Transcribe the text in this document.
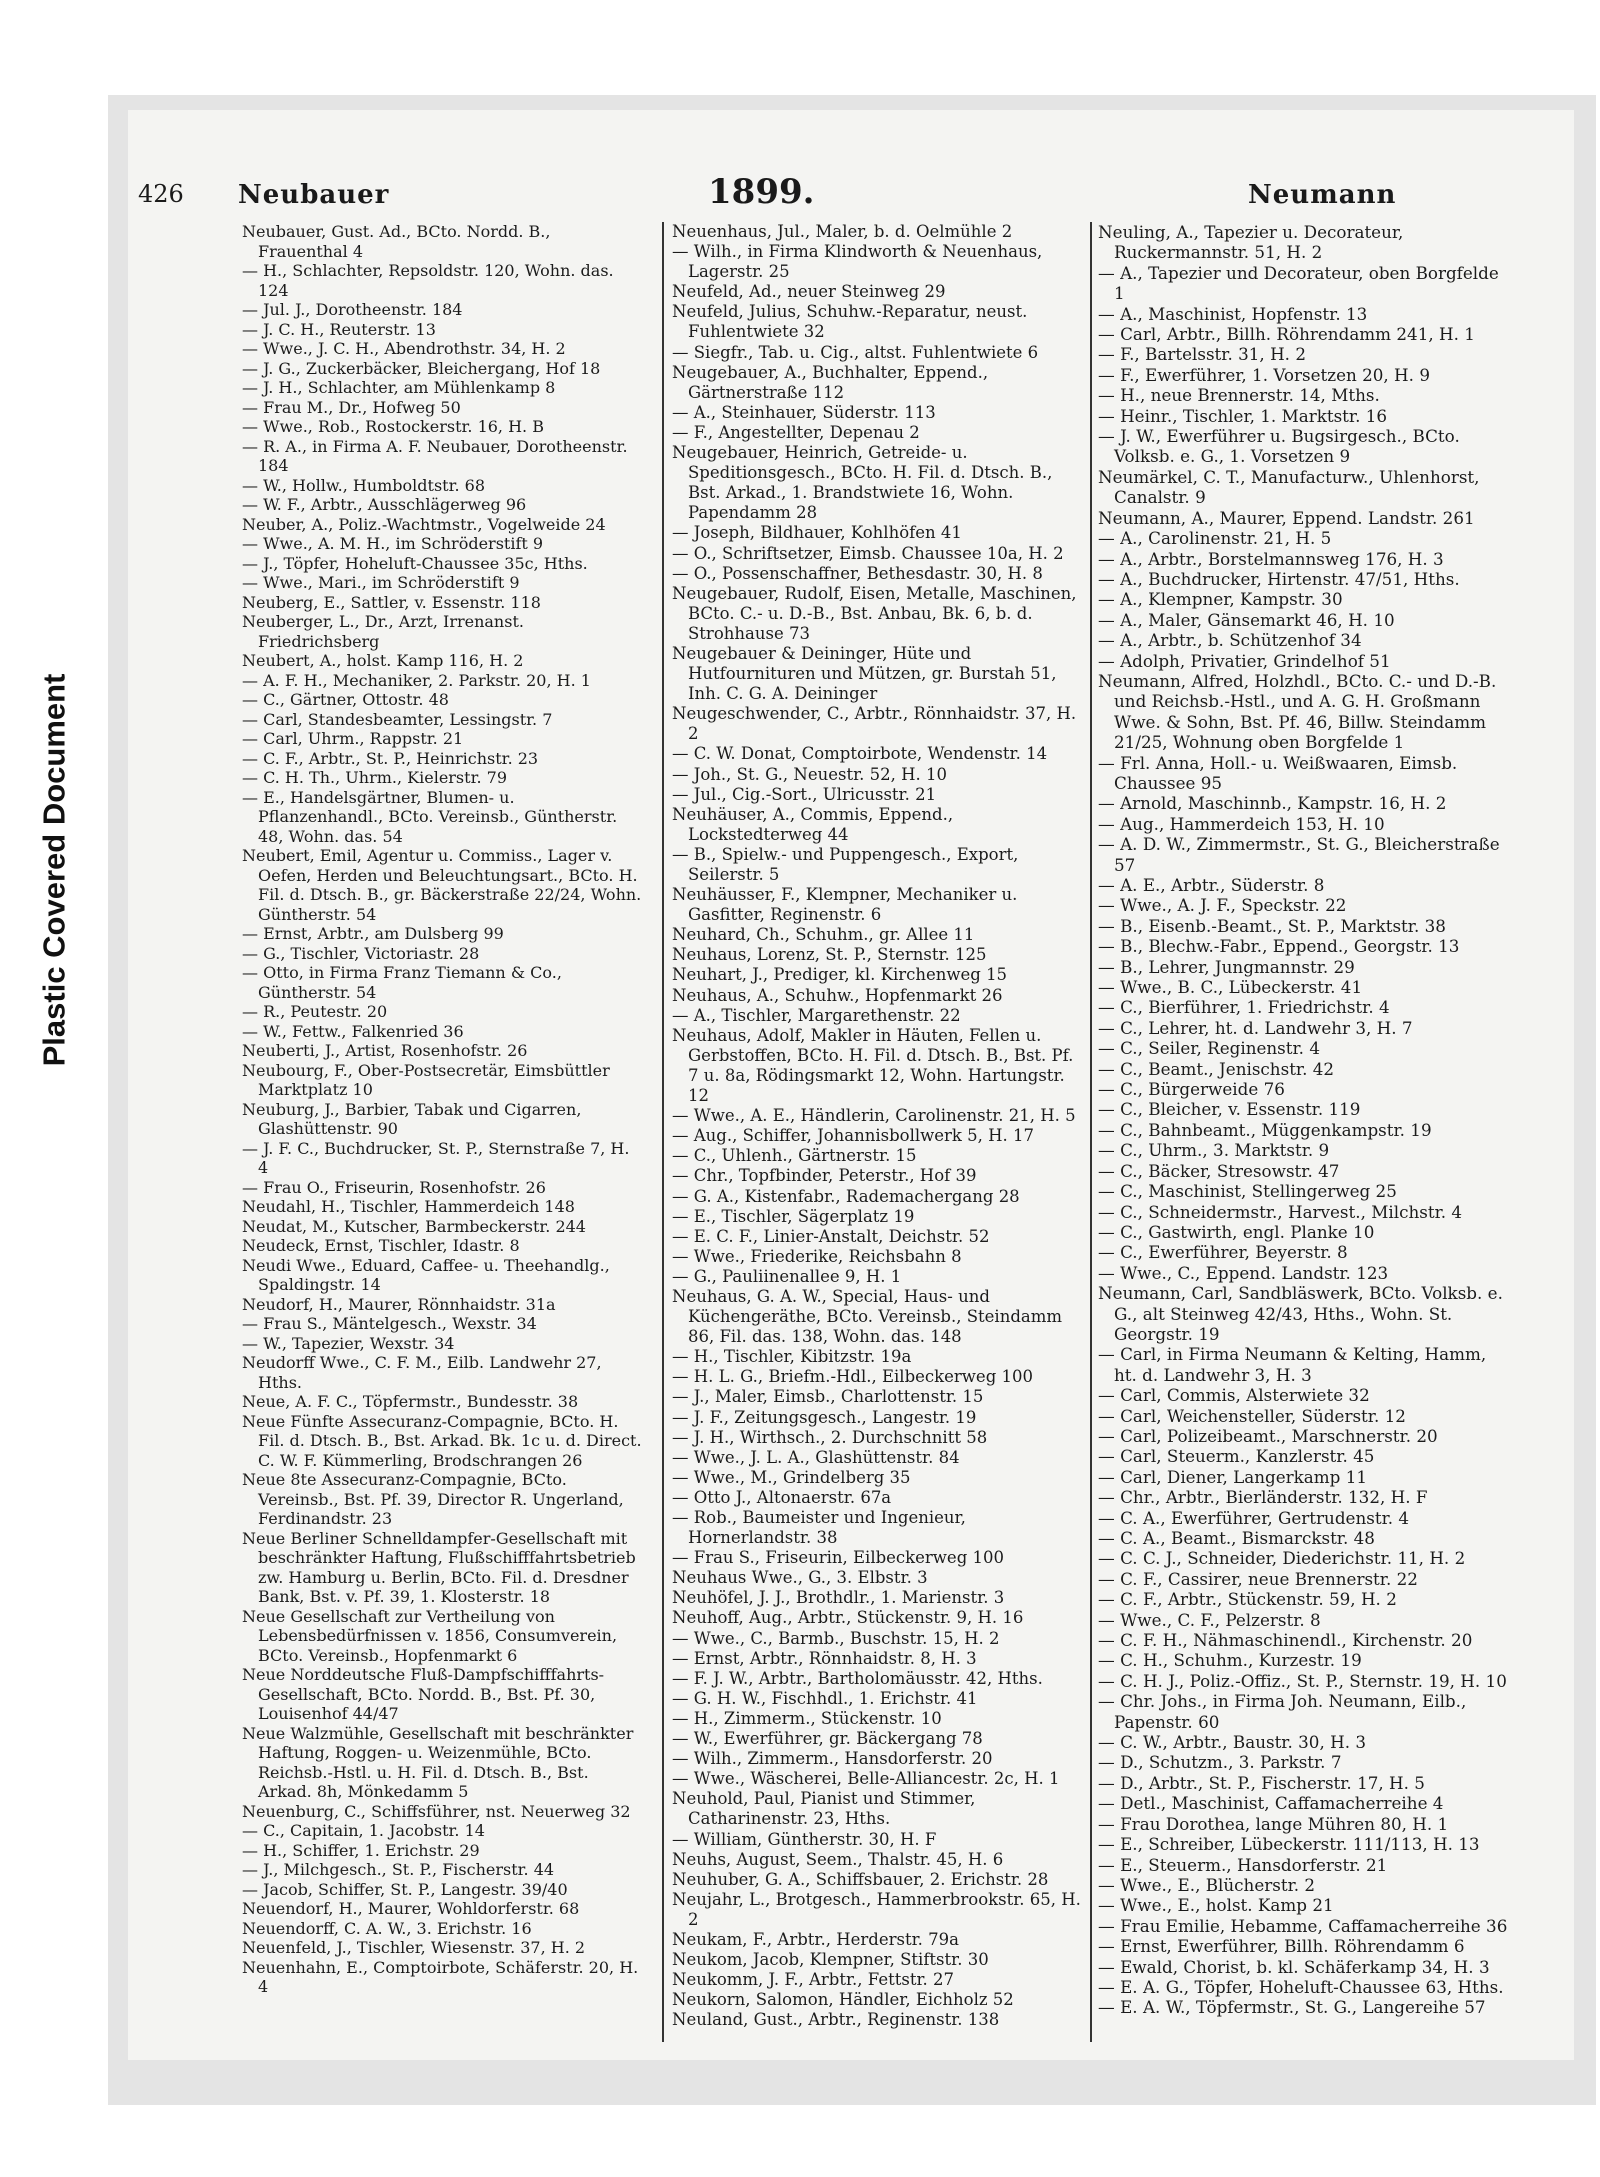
Plastic Covered Document
426 Neubauer	1899.	Neumann
Neubauer, Gust. Ad., BCto. Nordd. B., Frauenthal 4
— H., Schlachter, Repsoldstr. 120, Wohn. das. 124
— Jul. J., Dorotheenstr. 184
— J. C. H., Reuterstr. 13
— Wwe., J. C. H., Abendrothstr. 34, H. 2
— J. G., Zuckerbäcker, Bleichergang, Hof 18
— J. H., Schlachter, am Mühlenkamp 8
— Frau M., Dr., Hofweg 50
— Wwe., Rob., Rostockerstr. 16, H. B
— R. A., in Firma A. F. Neubauer, Dorotheenstr. 184
— W., Hollw., Humboldtstr. 68
— W. F., Arbtr., Ausschlägerweg 96
Neuber, A., Poliz.-Wachtmstr., Vogelweide 24
— Wwe., A. M. H., im Schröderstift 9
— J., Töpfer, Hoheluft-Chaussee 35c, Hths.
— Wwe., Mari., im Schröderstift 9
Neuberg, E., Sattler, v. Essenstr. 118
Neuberger, L., Dr., Arzt, Irrenanst. Friedrichsberg
Neubert, A., holst. Kamp 116, H. 2
— A. F. H., Mechaniker, 2. Parkstr. 20, H. 1
— C., Gärtner, Ottostr. 48
— Carl, Standesbeamter, Lessingstr. 7
— Carl, Uhrm., Rappstr. 21
— C. F., Arbtr., St. P., Heinrichstr. 23
— C. H. Th., Uhrm., Kielerstr. 79
— E., Handelsgärtner, Blumen- u. Pflanzenhandl., BCto. Vereinsb., Güntherstr. 48, Wohn. das. 54
Neubert, Emil, Agentur u. Commiss., Lager v. Oefen, Herden und Beleuchtungsart., BCto. H. Fil. d. Dtsch. B., gr. Bäckerstraße 22/24, Wohn. Güntherstr. 54
— Ernst, Arbtr., am Dulsberg 99
— G., Tischler, Victoriastr. 28
— Otto, in Firma Franz Tiemann & Co., Güntherstr. 54
— R., Peutestr. 20
— W., Fettw., Falkenried 36
Neuberti, J., Artist, Rosenhofstr. 26
Neubourg, F., Ober-Postsecretär, Eimsbüttler Marktplatz 10
Neuburg, J., Barbier, Tabak und Cigarren, Glashüttenstr. 90
— J. F. C., Buchdrucker, St. P., Sternstraße 7, H. 4
— Frau O., Friseurin, Rosenhofstr. 26
Neudahl, H., Tischler, Hammerdeich 148
Neudat, M., Kutscher, Barmbeckerstr. 244
Neudeck, Ernst, Tischler, Idastr. 8
Neudi Wwe., Eduard, Caffee- u. Theehandlg., Spaldingstr. 14
Neudorf, H., Maurer, Rönnhaidstr. 31a
— Frau S., Mäntelgesch., Wexstr. 34
— W., Tapezier, Wexstr. 34
Neudorff Wwe., C. F. M., Eilb. Landwehr 27, Hths.
Neue, A. F. C., Töpfermstr., Bundesstr. 38
Neue Fünfte Assecuranz-Compagnie, BCto. H. Fil. d. Dtsch. B., Bst. Arkad. Bk. 1c u. d. Direct. C. W. F. Kümmerling, Brodschrangen 26
Neue 8te Assecuranz-Compagnie, BCto. Vereinsb., Bst. Pf. 39, Director R. Ungerland, Ferdinandstr. 23
Neue Berliner Schnelldampfer-Gesellschaft mit beschränkter Haftung, Flußschifffahrtsbetrieb zw. Hamburg u. Berlin, BCto. Fil. d. Dresdner Bank, Bst. v. Pf. 39, 1. Klosterstr. 18
Neue Gesellschaft zur Vertheilung von Lebensbedürfnissen v. 1856, Consumverein, BCto. Vereinsb., Hopfenmarkt 6
Neue Norddeutsche Fluß-Dampfschifffahrts-Gesellschaft, BCto. Nordd. B., Bst. Pf. 30, Louisenhof 44/47
Neue Walzmühle, Gesellschaft mit beschränkter Haftung, Roggen- u. Weizenmühle, BCto. Reichsb.-Hstl. u. H. Fil. d. Dtsch. B., Bst. Arkad. 8h, Mönkedamm 5
Neuenburg, C., Schiffsführer, nst. Neuerweg 32
— C., Capitain, 1. Jacobstr. 14
— H., Schiffer, 1. Erichstr. 29
— J., Milchgesch., St. P., Fischerstr. 44
— Jacob, Schiffer, St. P., Langestr. 39/40
Neuendorf, H., Maurer, Wohldorferstr. 68
Neuendorff, C. A. W., 3. Erichstr. 16
Neuenfeld, J., Tischler, Wiesenstr. 37, H. 2
Neuenhahn, E., Comptoirbote, Schäferstr. 20, H. 4
Neuenhaus, Jul., Maler, b. d. Oelmühle 2
— Wilh., in Firma Klindworth & Neuenhaus, Lagerstr. 25
Neufeld, Ad., neuer Steinweg 29
Neufeld, Julius, Schuhw.-Reparatur, neust. Fuhlentwiete 32
— Siegfr., Tab. u. Cig., altst. Fuhlentwiete 6
Neugebauer, A., Buchhalter, Eppend., Gärtnerstraße 112
— A., Steinhauer, Süderstr. 113
— F., Angestellter, Depenau 2
Neugebauer, Heinrich, Getreide- u. Speditionsgesch., BCto. H. Fil. d. Dtsch. B., Bst. Arkad., 1. Brandstwiete 16, Wohn. Papendamm 28
— Joseph, Bildhauer, Kohlhöfen 41
— O., Schriftsetzer, Eimsb. Chaussee 10a, H. 2
— O., Possenschaffner, Bethesdastr. 30, H. 8
Neugebauer, Rudolf, Eisen, Metalle, Maschinen, BCto. C.- u. D.-B., Bst. Anbau, Bk. 6, b. d. Strohhause 73
Neugebauer & Deininger, Hüte und Hutfournituren und Mützen, gr. Burstah 51, Inh. C. G. A. Deininger
Neugeschwender, C., Arbtr., Rönnhaidstr. 37, H. 2
— C. W. Donat, Comptoirbote, Wendenstr. 14
— Joh., St. G., Neuestr. 52, H. 10
— Jul., Cig.-Sort., Ulricusstr. 21
Neuhäuser, A., Commis, Eppend., Lockstedterweg 44
— B., Spielw.- und Puppengesch., Export, Seilerstr. 5
Neuhäusser, F., Klempner, Mechaniker u. Gasfitter, Reginenstr. 6
Neuhard, Ch., Schuhm., gr. Allee 11
Neuhaus, Lorenz, St. P., Sternstr. 125
Neuhart, J., Prediger, kl. Kirchenweg 15
Neuhaus, A., Schuhw., Hopfenmarkt 26
— A., Tischler, Margarethenstr. 22
Neuhaus, Adolf, Makler in Häuten, Fellen u. Gerbstoffen, BCto. H. Fil. d. Dtsch. B., Bst. Pf. 7 u. 8a, Rödingsmarkt 12, Wohn. Hartungstr. 12
— Wwe., A. E., Händlerin, Carolinenstr. 21, H. 5
— Aug., Schiffer, Johannisbollwerk 5, H. 17
— C., Uhlenh., Gärtnerstr. 15
— Chr., Topfbinder, Peterstr., Hof 39
— G. A., Kistenfabr., Rademachergang 28
— E., Tischler, Sägerplatz 19
— E. C. F., Linier-Anstalt, Deichstr. 52
— Wwe., Friederike, Reichsbahn 8
— G., Pauliinenallee 9, H. 1
Neuhaus, G. A. W., Special, Haus- und Küchengeräthe, BCto. Vereinsb., Steindamm 86, Fil. das. 138, Wohn. das. 148
— H., Tischler, Kibitzstr. 19a
— H. L. G., Briefm.-Hdl., Eilbeckerweg 100
— J., Maler, Eimsb., Charlottenstr. 15
— J. F., Zeitungsgesch., Langestr. 19
— J. H., Wirthsch., 2. Durchschnitt 58
— Wwe., J. L. A., Glashüttenstr. 84
— Wwe., M., Grindelberg 35
— Otto J., Altonaerstr. 67a
— Rob., Baumeister und Ingenieur, Hornerlandstr. 38
— Frau S., Friseurin, Eilbeckerweg 100
Neuhaus Wwe., G., 3. Elbstr. 3
Neuhöfel, J. J., Brothdlr., 1. Marienstr. 3
Neuhoff, Aug., Arbtr., Stückenstr. 9, H. 16
— Wwe., C., Barmb., Buschstr. 15, H. 2
— Ernst, Arbtr., Rönnhaidstr. 8, H. 3
— F. J. W., Arbtr., Bartholomäusstr. 42, Hths.
— G. H. W., Fischhdl., 1. Erichstr. 41
— H., Zimmerm., Stückenstr. 10
— W., Ewerführer, gr. Bäckergang 78
— Wilh., Zimmerm., Hansdorferstr. 20
— Wwe., Wäscherei, Belle-Alliancestr. 2c, H. 1
Neuhold, Paul, Pianist und Stimmer, Catharinenstr. 23, Hths.
— William, Güntherstr. 30, H. F
Neuhs, August, Seem., Thalstr. 45, H. 6
Neuhuber, G. A., Schiffsbauer, 2. Erichstr. 28
Neujahr, L., Brotgesch., Hammerbrookstr. 65, H. 2
Neukam, F., Arbtr., Herderstr. 79a
Neukom, Jacob, Klempner, Stiftstr. 30
Neukomm, J. F., Arbtr., Fettstr. 27
Neukorn, Salomon, Händler, Eichholz 52
Neuland, Gust., Arbtr., Reginenstr. 138
Neuling, A., Tapezier u. Decorateur, Ruckermannstr. 51, H. 2
— A., Tapezier und Decorateur, oben Borgfelde 1
— A., Maschinist, Hopfenstr. 13
— Carl, Arbtr., Billh. Röhrendamm 241, H. 1
— F., Bartelsstr. 31, H. 2
— F., Ewerführer, 1. Vorsetzen 20, H. 9
— H., neue Brennerstr. 14, Mths.
— Heinr., Tischler, 1. Marktstr. 16
— J. W., Ewerführer u. Bugsirgesch., BCto. Volksb. e. G., 1. Vorsetzen 9
Neumärkel, C. T., Manufacturw., Uhlenhorst, Canalstr. 9
Neumann, A., Maurer, Eppend. Landstr. 261
— A., Carolinenstr. 21, H. 5
— A., Arbtr., Borstelmannsweg 176, H. 3
— A., Buchdrucker, Hirtenstr. 47/51, Hths.
— A., Klempner, Kampstr. 30
— A., Maler, Gänsemarkt 46, H. 10
— A., Arbtr., b. Schützenhof 34
— Adolph, Privatier, Grindelhof 51
Neumann, Alfred, Holzhdl., BCto. C.- und D.-B. und Reichsb.-Hstl., und A. G. H. Großmann Wwe. & Sohn, Bst. Pf. 46, Billw. Steindamm 21/25, Wohnung oben Borgfelde 1
— Frl. Anna, Holl.- u. Weißwaaren, Eimsb. Chaussee 95
— Arnold, Maschinnb., Kampstr. 16, H. 2
— Aug., Hammerdeich 153, H. 10
— A. D. W., Zimmermstr., St. G., Bleicherstraße 57
— A. E., Arbtr., Süderstr. 8
— Wwe., A. J. F., Speckstr. 22
— B., Eisenb.-Beamt., St. P., Marktstr. 38
— B., Blechw.-Fabr., Eppend., Georgstr. 13
— B., Lehrer, Jungmannstr. 29
— Wwe., B. C., Lübeckerstr. 41
— C., Bierführer, 1. Friedrichstr. 4
— C., Lehrer, ht. d. Landwehr 3, H. 7
— C., Seiler, Reginenstr. 4
— C., Beamt., Jenischstr. 42
— C., Bürgerweide 76
— C., Bleicher, v. Essenstr. 119
— C., Bahnbeamt., Müggenkampstr. 19
— C., Uhrm., 3. Marktstr. 9
— C., Bäcker, Stresowstr. 47
— C., Maschinist, Stellingerweg 25
— C., Schneidermstr., Harvest., Milchstr. 4
— C., Gastwirth, engl. Planke 10
— C., Ewerführer, Beyerstr. 8
— Wwe., C., Eppend. Landstr. 123
Neumann, Carl, Sandbläswerk, BCto. Volksb. e. G., alt Steinweg 42/43, Hths., Wohn. St. Georgstr. 19
— Carl, in Firma Neumann & Kelting, Hamm, ht. d. Landwehr 3, H. 3
— Carl, Commis, Alsterwiete 32
— Carl, Weichensteller, Süderstr. 12
— Carl, Polizeibeamt., Marschnerstr. 20
— Carl, Steuerm., Kanzlerstr. 45
— Carl, Diener, Langerkamp 11
— Chr., Arbtr., Bierländerstr. 132, H. F
— C. A., Ewerführer, Gertrudenstr. 4
— C. A., Beamt., Bismarckstr. 48
— C. C. J., Schneider, Diederichstr. 11, H. 2
— C. F., Cassirer, neue Brennerstr. 22
— C. F., Arbtr., Stückenstr. 59, H. 2
— Wwe., C. F., Pelzerstr. 8
— C. F. H., Nähmaschinendl., Kirchenstr. 20
— C. H., Schuhm., Kurzestr. 19
— C. H. J., Poliz.-Offiz., St. P., Sternstr. 19, H. 10
— Chr. Johs., in Firma Joh. Neumann, Eilb., Papenstr. 60
— C. W., Arbtr., Baustr. 30, H. 3
— D., Schutzm., 3. Parkstr. 7
— D., Arbtr., St. P., Fischerstr. 17, H. 5
— Detl., Maschinist, Caffamacherreihe 4
— Frau Dorothea, lange Mühren 80, H. 1
— E., Schreiber, Lübeckerstr. 111/113, H. 13
— E., Steuerm., Hansdorferstr. 21
— Wwe., E., Blücherstr. 2
— Wwe., E., holst. Kamp 21
— Frau Emilie, Hebamme, Caffamacherreihe 36
— Ernst, Ewerführer, Billh. Röhrendamm 6
— Ewald, Chorist, b. kl. Schäferkamp 34, H. 3
— E. A. G., Töpfer, Hoheluft-Chaussee 63, Hths.
— E. A. W., Töpfermstr., St. G., Langereihe 57
